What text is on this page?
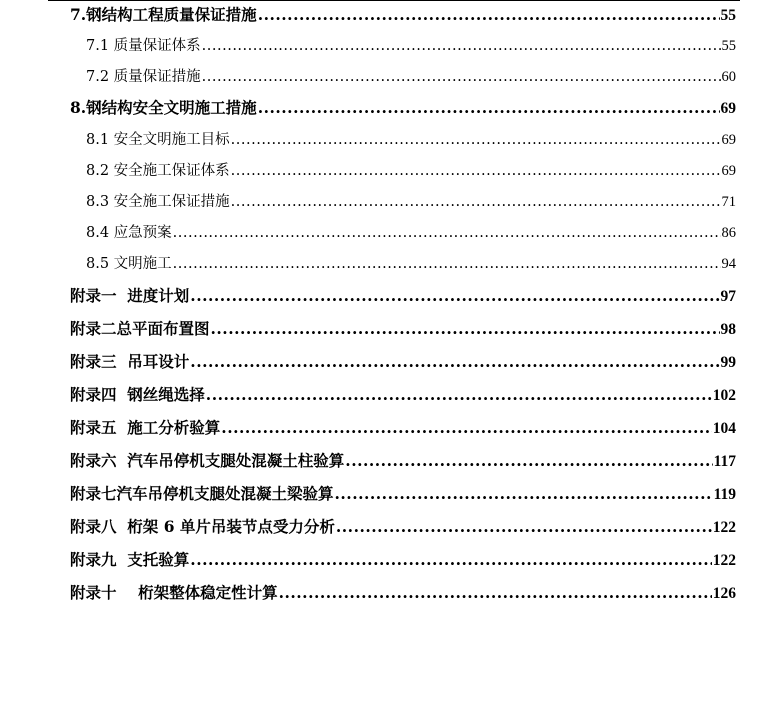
7.钢结构工程质量保证措施 .....	55
7.1 质量保证体系 .....	55
7.2 质量保证措施 .....	60
8.钢结构安全文明施工措施 .....	69
8.1 安全文明施工目标 .....	69
8.2 安全施工保证体系 .....	69
8.3 安全施工保证措施 .....	71
8.4 应急预案 .....	86
8.5 文明施工 .....	94
附录一  进度计划 .....	97
附录二总平面布置图 .....	98
附录三  吊耳设计 .....	99
附录四  钢丝绳选择 .....	102
附录五  施工分析验算 .....	104
附录六  汽车吊停机支腿处混凝土柱验算 .....	117
附录七汽车吊停机支腿处混凝土梁验算 .....	119
附录八  桁架 6 单片吊装节点受力分析 .....	122
附录九  支托验算 .....	122
附录十    桁架整体稳定性计算 .....	126
